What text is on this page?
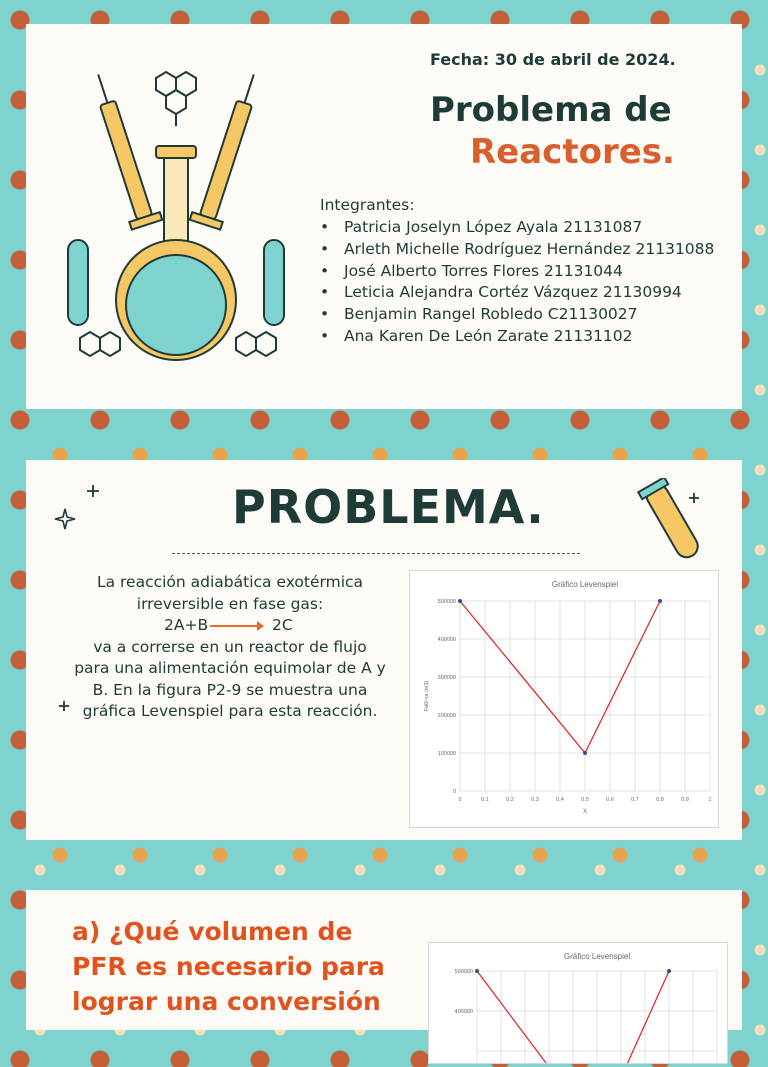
Fecha: 30 de abril de 2024.
Problema de
Reactores.
Integrantes:
• Patricia Joselyn López Ayala 21131087
• Arleth Michelle Rodríguez Hernández 21131088
• José Alberto Torres Flores 21131044
• Leticia Alejandra Cortéz Vázquez 21130994
• Benjamin Rangel Robledo C21130027
• Ana Karen De León Zarate 21131102
PROBLEMA.
La reacción adiabática exotérmica
irreversible en fase gas:
2A+B → 2C
va a correrse en un reactor de flujo
para una alimentación equimolar de A y
B. En la figura P2-9 se muestra una
gráfica Levenspiel para esta reacción.
Gráfico Levenspiel
0
100000
200000
300000
400000
500000
0	0.1	0.2	0.3	0.4	0.5	0.6	0.7	0.8	0.9	1
X
Fa0/-ra (m3)
a) ¿Qué volumen de
PFR es necesario para
lograr una conversión
Gráfico Levenspiel
400000
500000
